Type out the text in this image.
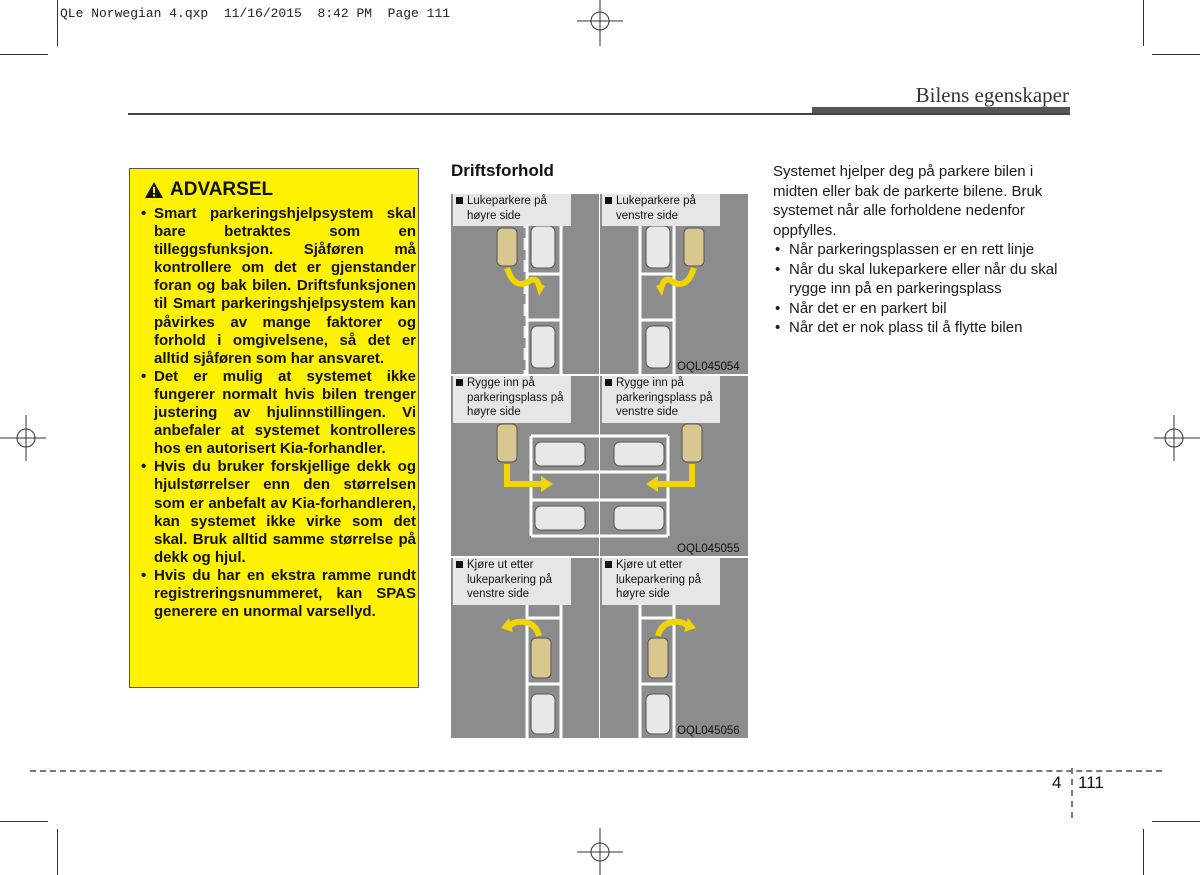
QLe Norwegian 4.qxp  11/16/2015  8:42 PM  Page 111
Bilens egenskaper
ADVARSEL
• Smart parkeringshjelpsystem skal bare betraktes som en tilleggsfunksjon. Sjåføren må kontrollere om det er gjenstander foran og bak bilen. Driftsfunksjonen til Smart parkeringshjelpsystem kan påvirkes av mange faktorer og forhold i omgivelsene, så det er alltid sjåføren som har ansvaret.
• Det er mulig at systemet ikke fungerer normalt hvis bilen trenger justering av hjulinnstillingen. Vi anbefaler at systemet kontrolleres hos en autorisert Kia-forhandler.
• Hvis du bruker forskjellige dekk og hjulstørrelser enn den størrelsen som er anbefalt av Kia-forhandleren, kan systemet ikke virke som det skal. Bruk alltid samme størrelse på dekk og hjul.
• Hvis du har en ekstra ramme rundt registreringsnummeret, kan SPAS generere en unormal varsellyd.
Driftsforhold
Lukeparkere på høyre side
Lukeparkere på venstre side
OQL045054
Rygge inn på parkeringsplass på høyre side
Rygge inn på parkeringsplass på venstre side
OQL045055
Kjøre ut etter lukeparkering på venstre side
Kjøre ut etter lukeparkering på høyre side
OQL045056
Systemet hjelper deg på parkere bilen i midten eller bak de parkerte bilene. Bruk systemet når alle forholdene nedenfor oppfylles.
• Når parkeringsplassen er en rett linje
• Når du skal lukeparkere eller når du skal rygge inn på en parkeringsplass
• Når det er en parkert bil
• Når det er nok plass til å flytte bilen
4 111
